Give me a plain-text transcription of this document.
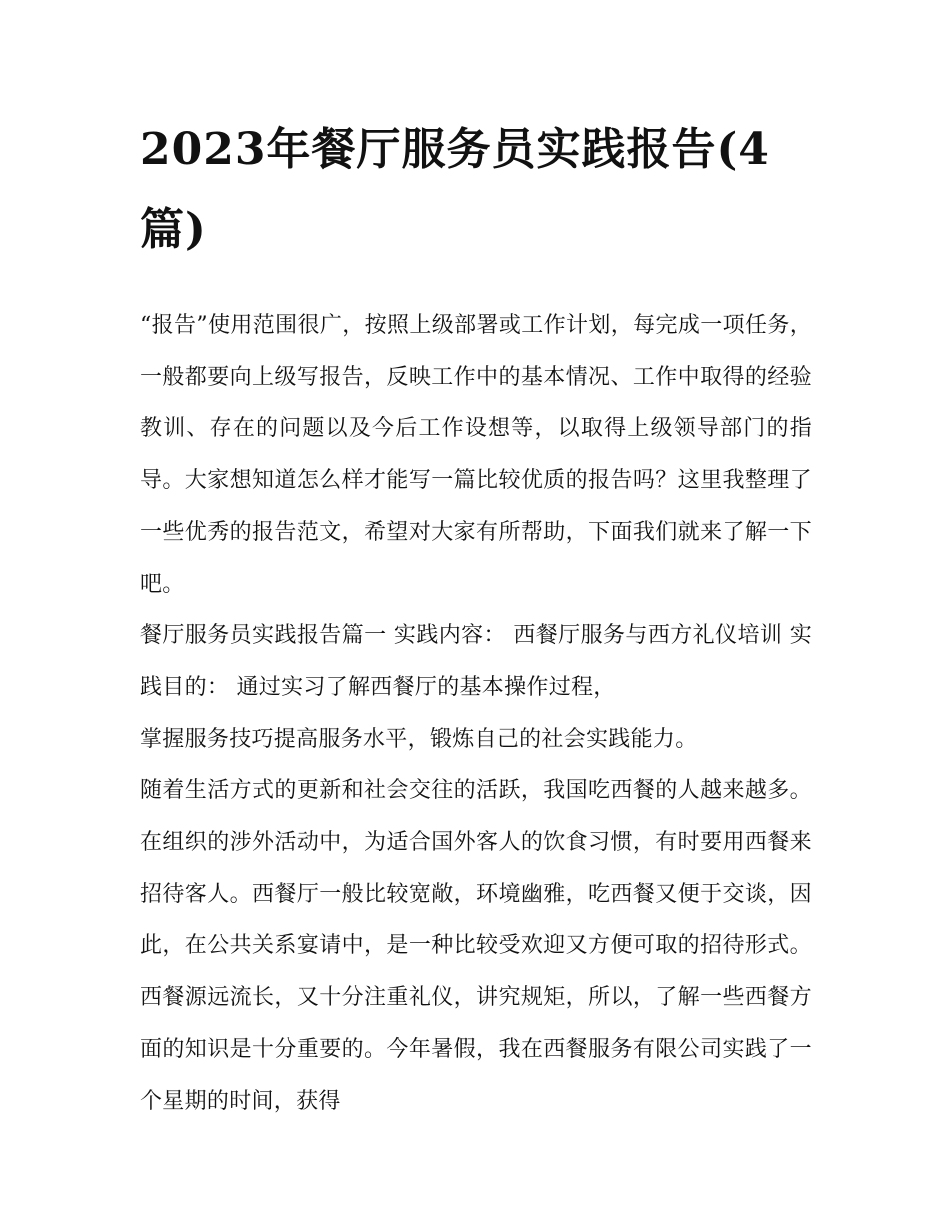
2023年餐厅服务员实践报告(4篇)

“报告”使用范围很广，按照上级部署或工作计划，每完成一项任务，一般都要向上级写报告，反映工作中的基本情况、工作中取得的经验教训、存在的问题以及今后工作设想等，以取得上级领导部门的指导。大家想知道怎么样才能写一篇比较优质的报告吗？这里我整理了一些优秀的报告范文，希望对大家有所帮助，下面我们就来了解一下吧。

餐厅服务员实践报告篇一 实践内容： 西餐厅服务与西方礼仪培训 实践目的： 通过实习了解西餐厅的基本操作过程，

掌握服务技巧提高服务水平，锻炼自己的社会实践能力。

随着生活方式的更新和社会交往的活跃，我国吃西餐的人越来越多。在组织的涉外活动中，为适合国外客人的饮食习惯，有时要用西餐来招待客人。西餐厅一般比较宽敞，环境幽雅，吃西餐又便于交谈，因此，在公共关系宴请中，是一种比较受欢迎又方便可取的招待形式。西餐源远流长，又十分注重礼仪，讲究规矩，所以，了解一些西餐方面的知识是十分重要的。今年暑假，我在西餐服务有限公司实践了一个星期的时间，获得
